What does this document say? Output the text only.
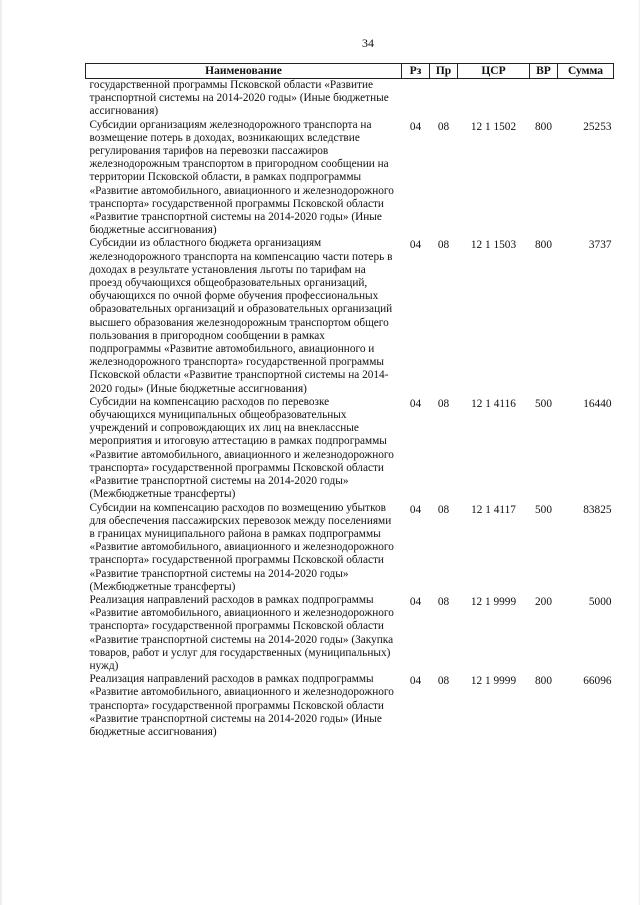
34
Наименование	Рз	Пр	ЦСР	ВР	Сумма
государственной программы Псковской области «Развитие транспортной системы на 2014-2020 годы» (Иные бюджетные ассигнования)					
Субсидии организациям железнодорожного транспорта на возмещение потерь в доходах, возникающих вследствие регулирования тарифов на перевозки пассажиров железнодорожным транспортом в пригородном сообщении на территории Псковской области, в рамках подпрограммы «Развитие автомобильного, авиационного и железнодорожного транспорта» государственной программы Псковской области «Развитие транспортной системы на 2014-2020 годы» (Иные бюджетные ассигнования)	04	08	12 1 1502	800	25253
Субсидии из областного бюджета организациям железнодорожного транспорта на компенсацию части потерь в доходах в результате установления льготы по тарифам на проезд обучающихся общеобразовательных организаций, обучающихся по очной форме обучения профессиональных образовательных организаций и образовательных организаций высшего образования железнодорожным транспортом общего пользования в пригородном сообщении в рамках подпрограммы «Развитие автомобильного, авиационного и железнодорожного транспорта» государственной программы Псковской области «Развитие транспортной системы на 2014-2020 годы» (Иные бюджетные ассигнования)	04	08	12 1 1503	800	3737
Субсидии на компенсацию расходов по перевозке обучающихся муниципальных общеобразовательных учреждений и сопровождающих их лиц на внеклассные мероприятия и итоговую аттестацию в рамках подпрограммы «Развитие автомобильного, авиационного и железнодорожного транспорта» государственной программы Псковской области «Развитие транспортной системы на 2014-2020 годы» (Межбюджетные трансферты)	04	08	12 1 4116	500	16440
Субсидии на компенсацию расходов по возмещению убытков для обеспечения пассажирских перевозок между поселениями в границах муниципального района в рамках подпрограммы «Развитие автомобильного, авиационного и железнодорожного транспорта» государственной программы Псковской области «Развитие транспортной системы на 2014-2020 годы» (Межбюджетные трансферты)	04	08	12 1 4117	500	83825
Реализация направлений расходов в рамках подпрограммы «Развитие автомобильного, авиационного и железнодорожного транспорта» государственной программы Псковской области «Развитие транспортной системы на 2014-2020 годы» (Закупка товаров, работ и услуг для государственных (муниципальных) нужд)	04	08	12 1 9999	200	5000
Реализация направлений расходов в рамках подпрограммы «Развитие автомобильного, авиационного и железнодорожного транспорта» государственной программы Псковской области «Развитие транспортной системы на 2014-2020 годы» (Иные бюджетные ассигнования)	04	08	12 1 9999	800	66096
